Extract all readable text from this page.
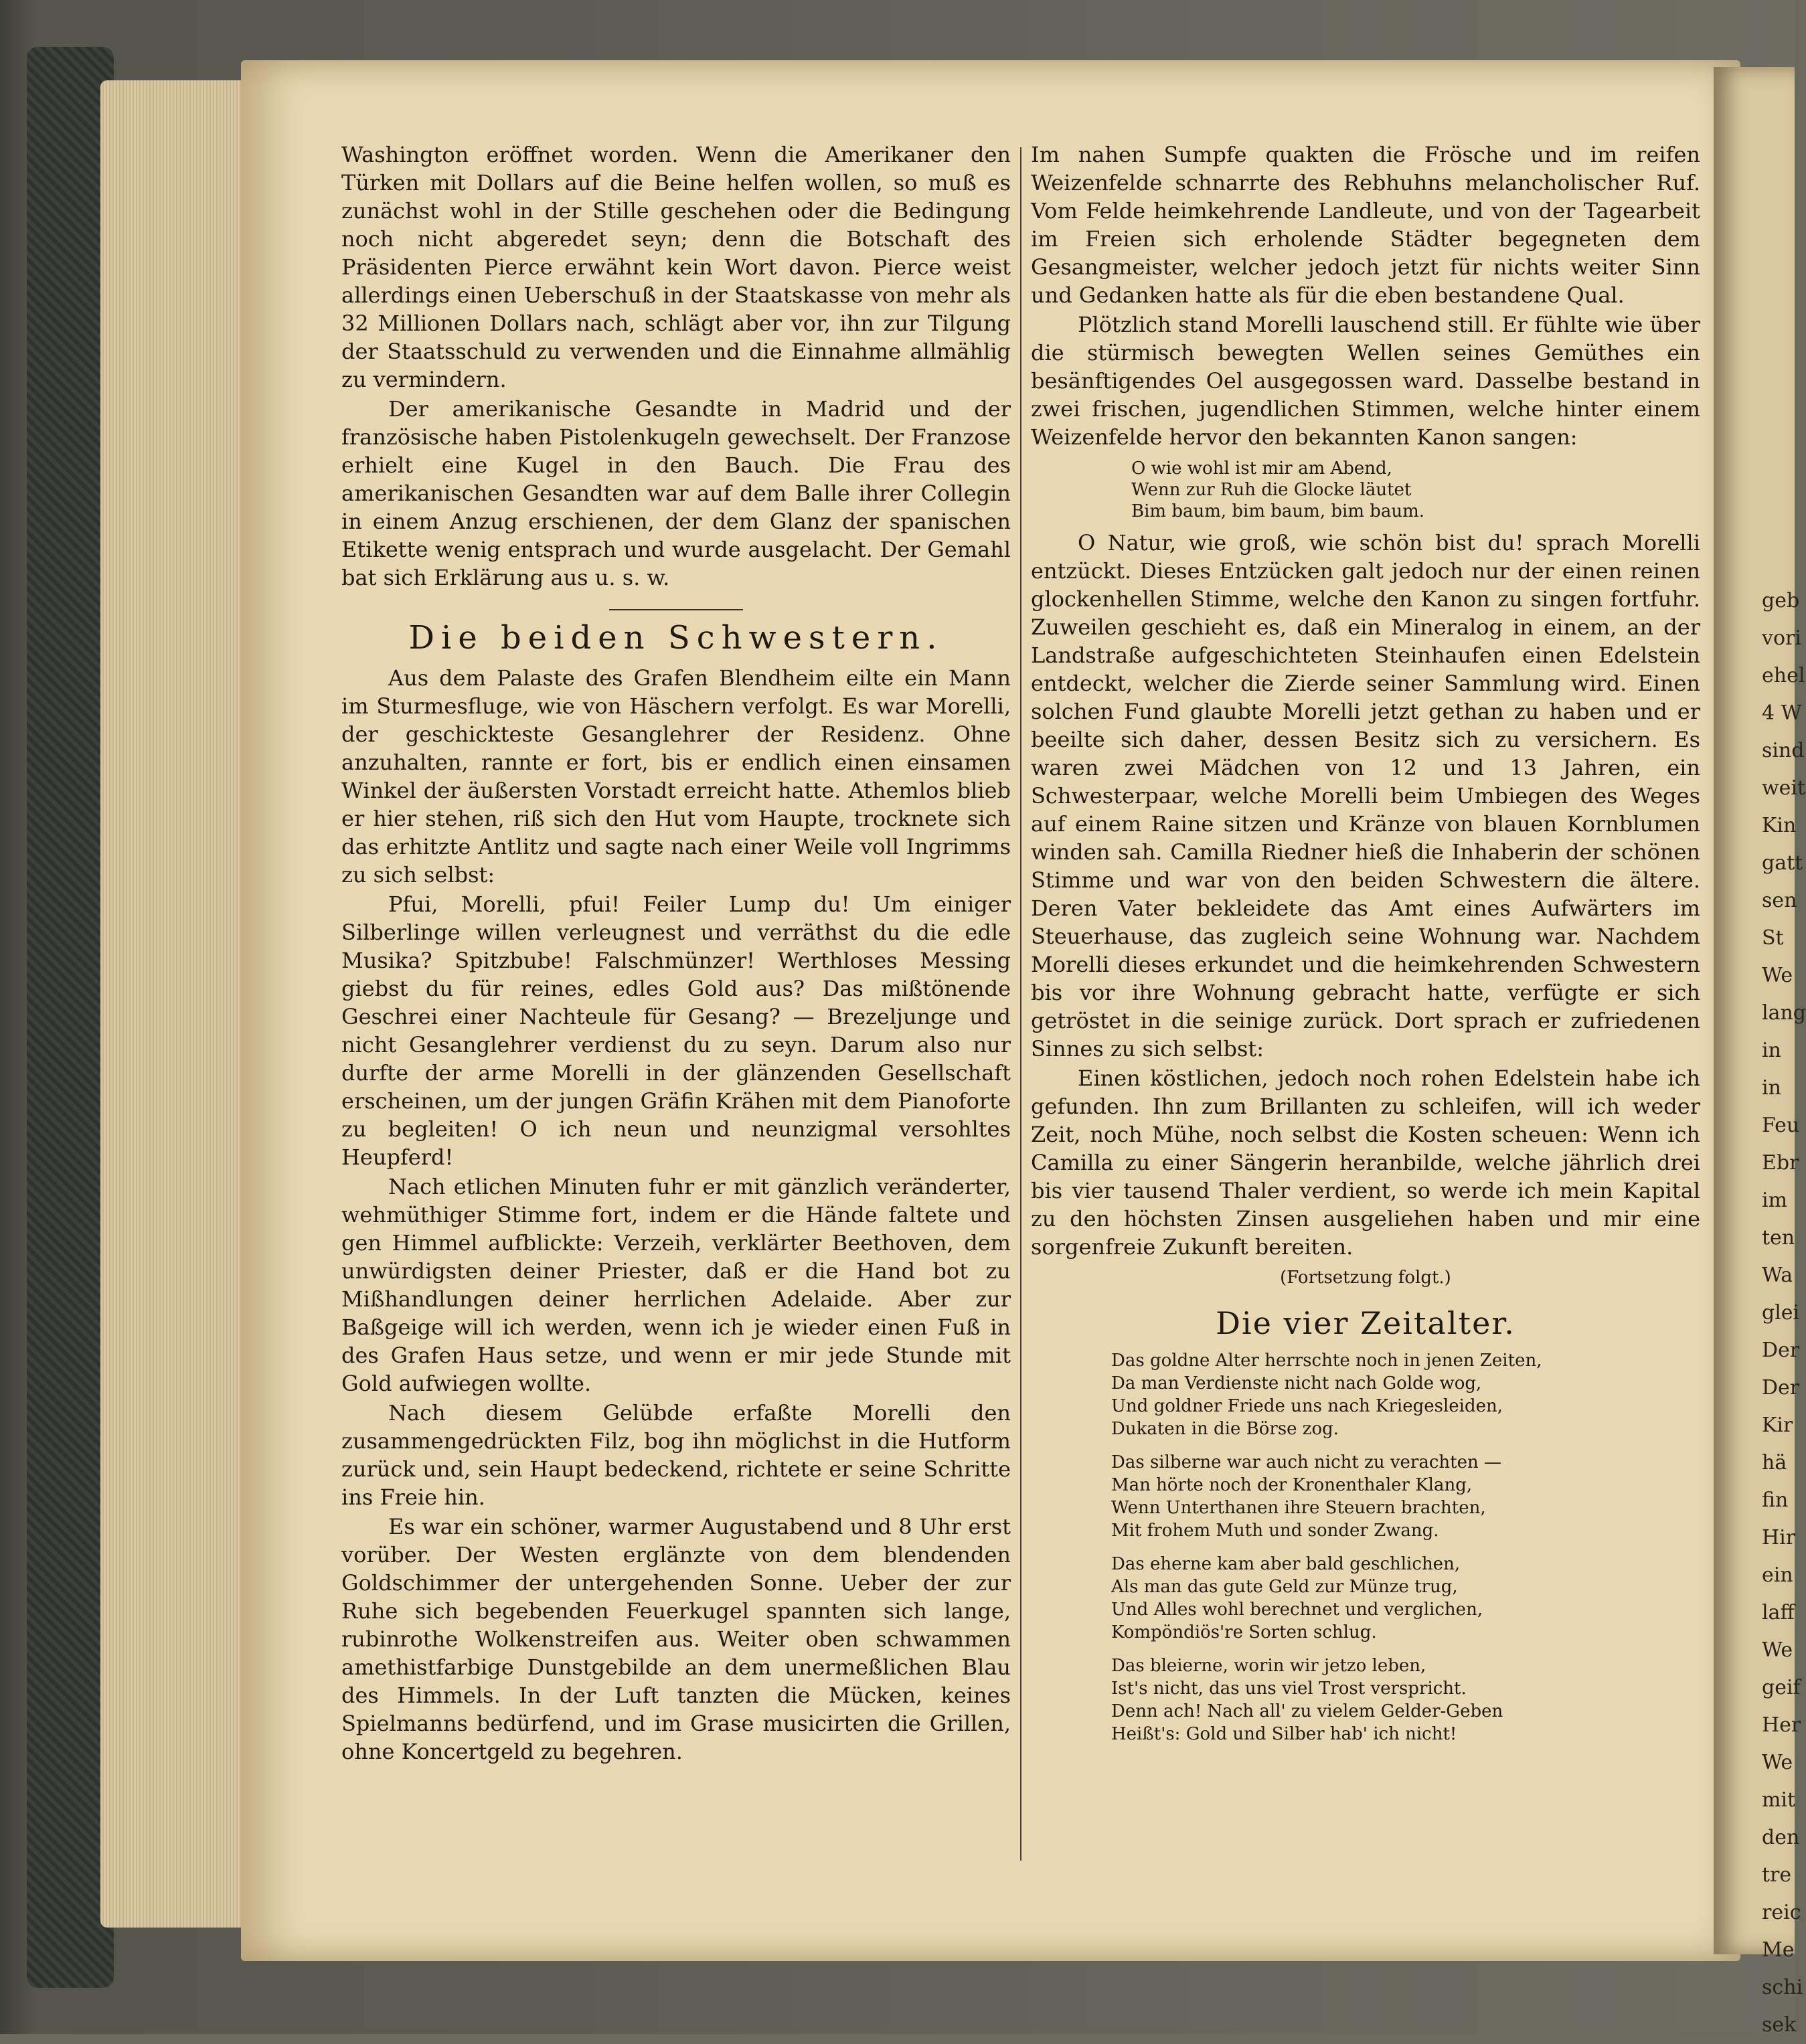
Washington eröffnet worden. Wenn die Amerikaner den Türken mit Dollars auf die Beine helfen wollen, so muß es zunächst wohl in der Stille geschehen oder die Bedingung noch nicht abgeredet seyn; denn die Botschaft des Präsidenten Pierce erwähnt kein Wort davon. Pierce weist allerdings einen Ueberschuß in der Staatskasse von mehr als 32 Millionen Dollars nach, schlägt aber vor, ihn zur Tilgung der Staatsschuld zu verwenden und die Einnahme allmählig zu vermindern.

Der amerikanische Gesandte in Madrid und der französische haben Pistolenkugeln gewechselt. Der Franzose erhielt eine Kugel in den Bauch. Die Frau des amerikanischen Gesandten war auf dem Balle ihrer Collegin in einem Anzug erschienen, der dem Glanz der spanischen Etikette wenig entsprach und wurde ausgelacht. Der Gemahl bat sich Erklärung aus u. s. w.

Die beiden Schwestern.

Aus dem Palaste des Grafen Blendheim eilte ein Mann im Sturmesfluge, wie von Häschern verfolgt. Es war Morelli, der geschickteste Gesanglehrer der Residenz. Ohne anzuhalten, rannte er fort, bis er endlich einen einsamen Winkel der äußersten Vorstadt erreicht hatte. Athemlos blieb er hier stehen, riß sich den Hut vom Haupte, trocknete sich das erhitzte Antlitz und sagte nach einer Weile voll Ingrimms zu sich selbst:

Pfui, Morelli, pfui! Feiler Lump du! Um einiger Silberlinge willen verleugnest und verräthst du die edle Musika? Spitzbube! Falschmünzer! Werthloses Messing giebst du für reines, edles Gold aus? Das mißtönende Geschrei einer Nachteule für Gesang? — Brezeljunge und nicht Gesanglehrer verdienst du zu seyn. Darum also nur durfte der arme Morelli in der glänzenden Gesellschaft erscheinen, um der jungen Gräfin Krähen mit dem Pianoforte zu begleiten! O ich neun und neunzigmal versohltes Heupferd!

Nach etlichen Minuten fuhr er mit gänzlich veränderter, wehmüthiger Stimme fort, indem er die Hände faltete und gen Himmel aufblickte: Verzeih, verklärter Beethoven, dem unwürdigsten deiner Priester, daß er die Hand bot zu Mißhandlungen deiner herrlichen Adelaide. Aber zur Baßgeige will ich werden, wenn ich je wieder einen Fuß in des Grafen Haus setze, und wenn er mir jede Stunde mit Gold aufwiegen wollte.

Nach diesem Gelübde erfaßte Morelli den zusammengedrückten Filz, bog ihn möglichst in die Hutform zurück und, sein Haupt bedeckend, richtete er seine Schritte ins Freie hin.

Es war ein schöner, warmer Augustabend und 8 Uhr erst vorüber. Der Westen erglänzte von dem blendenden Goldschimmer der untergehenden Sonne. Ueber der zur Ruhe sich begebenden Feuerkugel spannten sich lange, rubinrothe Wolkenstreifen aus. Weiter oben schwammen amethistfarbige Dunstgebilde an dem unermeßlichen Blau des Himmels. In der Luft tanzten die Mücken, keines Spielmanns bedürfend, und im Grase musicirten die Grillen, ohne Koncertgeld zu begehren.

Im nahen Sumpfe quakten die Frösche und im reifen Weizenfelde schnarrte des Rebhuhns melancholischer Ruf. Vom Felde heimkehrende Landleute, und von der Tagearbeit im Freien sich erholende Städter begegneten dem Gesangmeister, welcher jedoch jetzt für nichts weiter Sinn und Gedanken hatte als für die eben bestandene Qual.

Plötzlich stand Morelli lauschend still. Er fühlte wie über die stürmisch bewegten Wellen seines Gemüthes ein besänftigendes Oel ausgegossen ward. Dasselbe bestand in zwei frischen, jugendlichen Stimmen, welche hinter einem Weizenfelde hervor den bekannten Kanon sangen:

O wie wohl ist mir am Abend,
Wenn zur Ruh die Glocke läutet
Bim baum, bim baum, bim baum.

O Natur, wie groß, wie schön bist du! sprach Morelli entzückt. Dieses Entzücken galt jedoch nur der einen reinen glockenhellen Stimme, welche den Kanon zu singen fortfuhr. Zuweilen geschieht es, daß ein Mineralog in einem, an der Landstraße aufgeschichteten Steinhaufen einen Edelstein entdeckt, welcher die Zierde seiner Sammlung wird. Einen solchen Fund glaubte Morelli jetzt gethan zu haben und er beeilte sich daher, dessen Besitz sich zu versichern. Es waren zwei Mädchen von 12 und 13 Jahren, ein Schwesterpaar, welche Morelli beim Umbiegen des Weges auf einem Raine sitzen und Kränze von blauen Kornblumen winden sah. Camilla Riedner hieß die Inhaberin der schönen Stimme und war von den beiden Schwestern die ältere. Deren Vater bekleidete das Amt eines Aufwärters im Steuerhause, das zugleich seine Wohnung war. Nachdem Morelli dieses erkundet und die heimkehrenden Schwestern bis vor ihre Wohnung gebracht hatte, verfügte er sich getröstet in die seinige zurück. Dort sprach er zufriedenen Sinnes zu sich selbst:

Einen köstlichen, jedoch noch rohen Edelstein habe ich gefunden. Ihn zum Brillanten zu schleifen, will ich weder Zeit, noch Mühe, noch selbst die Kosten scheuen: Wenn ich Camilla zu einer Sängerin heranbilde, welche jährlich drei bis vier tausend Thaler verdient, so werde ich mein Kapital zu den höchsten Zinsen ausgeliehen haben und mir eine sorgenfreie Zukunft bereiten.

(Fortsetzung folgt.)
Die vier Zeitalter.
Das goldne Alter herrschte noch in jenen Zeiten,
Da man Verdienste nicht nach Golde wog,
Und goldner Friede uns nach Kriegesleiden,
Dukaten in die Börse zog.
Das silberne war auch nicht zu verachten —
Man hörte noch der Kronenthaler Klang,
Wenn Unterthanen ihre Steuern brachten,
Mit frohem Muth und sonder Zwang.
Das eherne kam aber bald geschlichen,
Als man das gute Geld zur Münze trug,
Und Alles wohl berechnet und verglichen,
Kompöndiös're Sorten schlug.
Das bleierne, worin wir jetzo leben,
Ist's nicht, das uns viel Trost verspricht.
Denn ach! Nach all' zu vielem Gelder-Geben
Heißt's: Gold und Silber hab' ich nicht!
geb
vori
ehel
4 W
sind
weit
Kin
gatt
sen
St
We
lang
in
in
Feu
Ebr
im
ten
Wa
glei
Der
Der
Kir
hä
fin
Hir
ein
laff
We
geif
Her
We
mit
den
tre
reic
Me
schi
sek
